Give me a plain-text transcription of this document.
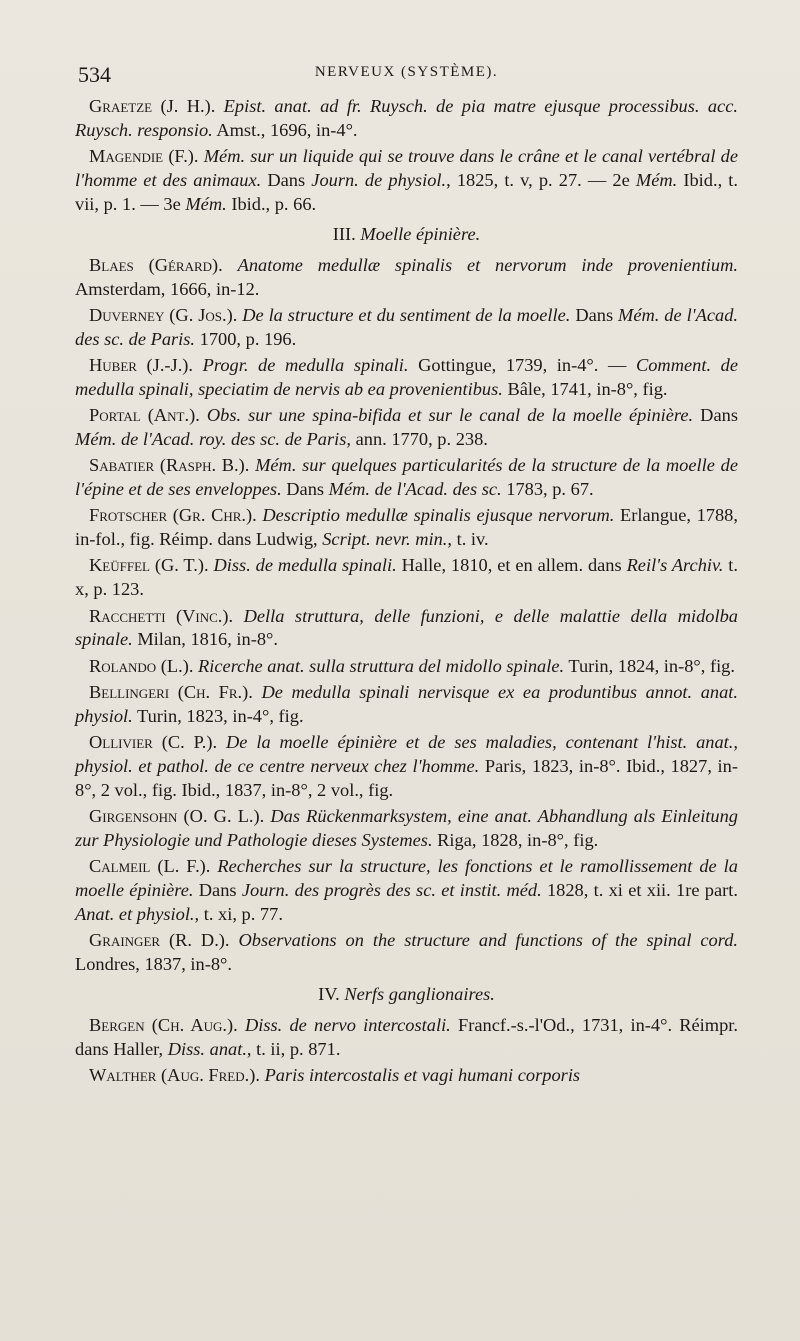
534	NERVEUX (SYSTÈME).

Graetze (J. H.). Epist. anat. ad fr. Ruysch. de pia matre ejusque processibus. acc. Ruysch. responsio. Amst., 1696, in-4°.

Magendie (F.). Mém. sur un liquide qui se trouve dans le crâne et le canal vertébral de l'homme et des animaux. Dans Journ. de physiol., 1825, t. v, p. 27. — 2e Mém. Ibid., t. vii, p. 1. — 3e Mém. Ibid., p. 66.

III. Moelle épinière.

Blaes (Gérard). Anatome medullæ spinalis et nervorum inde provenientium. Amsterdam, 1666, in-12.

Duverney (G. Jos.). De la structure et du sentiment de la moelle. Dans Mém. de l'Acad. des sc. de Paris. 1700, p. 196.

Huber (J.-J.). Progr. de medulla spinali. Gottingue, 1739, in-4°. — Comment. de medulla spinali, speciatim de nervis ab ea provenientibus. Bâle, 1741, in-8°, fig.

Portal (Ant.). Obs. sur une spina-bifida et sur le canal de la moelle épinière. Dans Mém. de l'Acad. roy. des sc. de Paris, ann. 1770, p. 238.

Sabatier (Rasph. B.). Mém. sur quelques particularités de la structure de la moelle de l'épine et de ses enveloppes. Dans Mém. de l'Acad. des sc. 1783, p. 67.

Frotscher (Gr. Chr.). Descriptio medullæ spinalis ejusque nervorum. Erlangue, 1788, in-fol., fig. Réimp. dans Ludwig, Script. nevr. min., t. iv.

Keüffel (G. T.). Diss. de medulla spinali. Halle, 1810, et en allem. dans Reil's Archiv. t. x, p. 123.

Racchetti (Vinc.). Della struttura, delle funzioni, e delle malattie della midolba spinale. Milan, 1816, in-8°.

Rolando (L.). Ricerche anat. sulla struttura del midollo spinale. Turin, 1824, in-8°, fig.

Bellingeri (Ch. Fr.). De medulla spinali nervisque ex ea produntibus annot. anat. physiol. Turin, 1823, in-4°, fig.

Ollivier (C. P.). De la moelle épinière et de ses maladies, contenant l'hist. anat., physiol. et pathol. de ce centre nerveux chez l'homme. Paris, 1823, in-8°. Ibid., 1827, in-8°, 2 vol., fig. Ibid., 1837, in-8°, 2 vol., fig.

Girgensohn (O. G. L.). Das Rückenmarksystem, eine anat. Abhandlung als Einleitung zur Physiologie und Pathologie dieses Systemes. Riga, 1828, in-8°, fig.

Calmeil (L. F.). Recherches sur la structure, les fonctions et le ramollissement de la moelle épinière. Dans Journ. des progrès des sc. et instit. méd. 1828, t. xi et xii. 1re part. Anat. et physiol., t. xi, p. 77.

Grainger (R. D.). Observations on the structure and functions of the spinal cord. Londres, 1837, in-8°.

IV. Nerfs ganglionaires.

Bergen (Ch. Aug.). Diss. de nervo intercostali. Francf.-s.-l'Od., 1731, in-4°. Réimpr. dans Haller, Diss. anat., t. ii, p. 871.

Walther (Aug. Fred.). Paris intercostalis et vagi humani corporis
